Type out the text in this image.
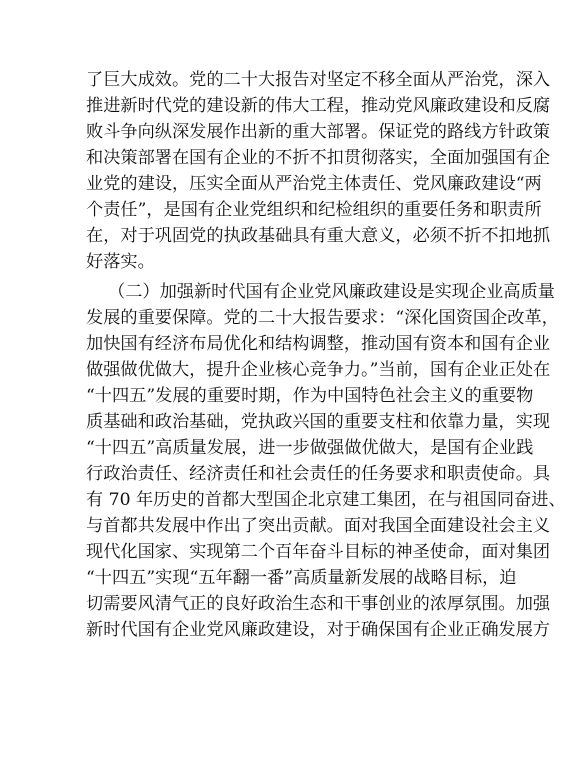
了巨大成效。党的二十大报告对坚定不移全面从严治党，深入
推进新时代党的建设新的伟大工程，推动党风廉政建设和反腐
败斗争向纵深发展作出新的重大部署。保证党的路线方针政策
和决策部署在国有企业的不折不扣贯彻落实，全面加强国有企
业党的建设，压实全面从严治党主体责任、党风廉政建设“两
个责任”，是国有企业党组织和纪检组织的重要任务和职责所
在，对于巩固党的执政基础具有重大意义，必须不折不扣地抓
好落实。
（二）加强新时代国有企业党风廉政建设是实现企业高质量
发展的重要保障。党的二十大报告要求：“深化国资国企改革，
加快国有经济布局优化和结构调整，推动国有资本和国有企业
做强做优做大，提升企业核心竞争力。”当前，国有企业正处在
“十四五”发展的重要时期，作为中国特色社会主义的重要物
质基础和政治基础，党执政兴国的重要支柱和依靠力量，实现
“十四五”高质量发展，进一步做强做优做大，是国有企业践
行政治责任、经济责任和社会责任的任务要求和职责使命。具
有 70 年历史的首都大型国企北京建工集团，在与祖国同奋进、
与首都共发展中作出了突出贡献。面对我国全面建设社会主义
现代化国家、实现第二个百年奋斗目标的神圣使命，面对集团
“十四五”实现“五年翻一番”高质量新发展的战略目标，迫
切需要风清气正的良好政治生态和干事创业的浓厚氛围。加强
新时代国有企业党风廉政建设，对于确保国有企业正确发展方
